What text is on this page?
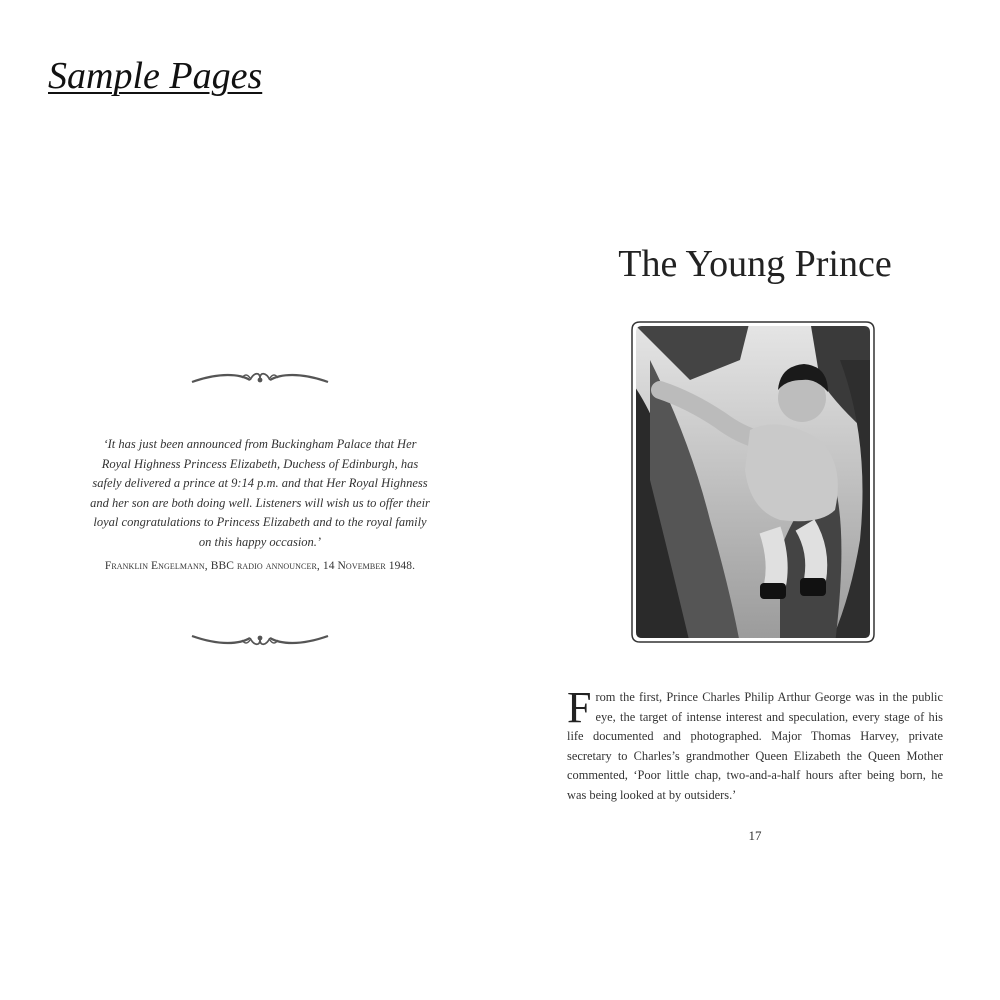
Sample Pages

‘It has just been announced from Buckingham Palace that Her Royal Highness Princess Elizabeth, Duchess of Edinburgh, has safely delivered a prince at 9:14 p.m. and that Her Royal Highness and her son are both doing well. Listeners will wish us to offer their loyal congratulations to Princess Elizabeth and to the royal family on this happy occasion.’

Franklin Engelmann, BBC radio announcer, 14 November 1948.
The Young Prince

From the first, Prince Charles Philip Arthur George was in the public eye, the target of intense interest and speculation, every stage of his life documented and photographed. Major Thomas Harvey, private secretary to Charles’s grandmother Queen Elizabeth the Queen Mother commented, ‘Poor little chap, two-and-a-half hours after being born, he was being looked at by outsiders.’

17
